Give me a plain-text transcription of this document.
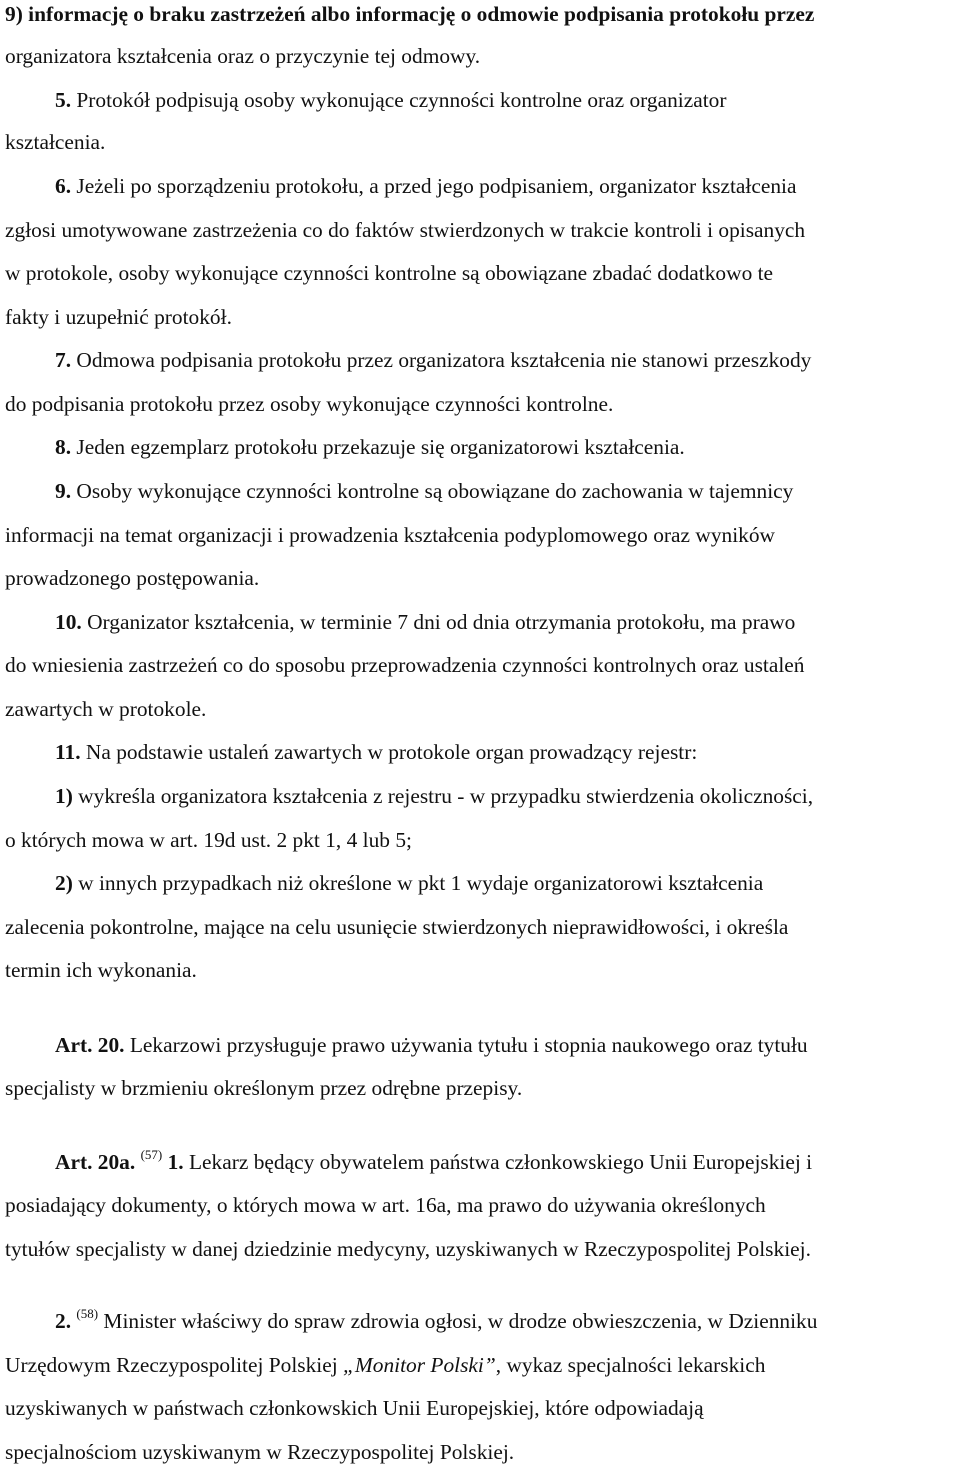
9) informację o braku zastrzeżeń albo informację o odmowie podpisania protokołu przez
organizatora kształcenia oraz o przyczynie tej odmowy.
5. Protokół podpisują osoby wykonujące czynności kontrolne oraz organizator
kształcenia.
6. Jeżeli po sporządzeniu protokołu, a przed jego podpisaniem, organizator kształcenia
zgłosi umotywowane zastrzeżenia co do faktów stwierdzonych w trakcie kontroli i opisanych
w protokole, osoby wykonujące czynności kontrolne są obowiązane zbadać dodatkowo te
fakty i uzupełnić protokół.
7. Odmowa podpisania protokołu przez organizatora kształcenia nie stanowi przeszkody
do podpisania protokołu przez osoby wykonujące czynności kontrolne.
8. Jeden egzemplarz protokołu przekazuje się organizatorowi kształcenia.
9. Osoby wykonujące czynności kontrolne są obowiązane do zachowania w tajemnicy
informacji na temat organizacji i prowadzenia kształcenia podyplomowego oraz wyników
prowadzonego postępowania.
10. Organizator kształcenia, w terminie 7 dni od dnia otrzymania protokołu, ma prawo
do wniesienia zastrzeżeń co do sposobu przeprowadzenia czynności kontrolnych oraz ustaleń
zawartych w protokole.
11. Na podstawie ustaleń zawartych w protokole organ prowadzący rejestr:
1) wykreśla organizatora kształcenia z rejestru - w przypadku stwierdzenia okoliczności,
o których mowa w art. 19d ust. 2 pkt 1, 4 lub 5;
2) w innych przypadkach niż określone w pkt 1 wydaje organizatorowi kształcenia
zalecenia pokontrolne, mające na celu usunięcie stwierdzonych nieprawidłowości, i określa
termin ich wykonania.
Art. 20. Lekarzowi przysługuje prawo używania tytułu i stopnia naukowego oraz tytułu
specjalisty w brzmieniu określonym przez odrębne przepisy.
Art. 20a. $^{(57)}$ 1. Lekarz będący obywatelem państwa członkowskiego Unii Europejskiej i
posiadający dokumenty, o których mowa w art. 16a, ma prawo do używania określonych
tytułów specjalisty w danej dziedzinie medycyny, uzyskiwanych w Rzeczypospolitej Polskiej.
2. $^{(58)}$ Minister właściwy do spraw zdrowia ogłosi, w drodze obwieszczenia, w Dzienniku
Urzędowym Rzeczypospolitej Polskiej „Monitor Polski”, wykaz specjalności lekarskich
uzyskiwanych w państwach członkowskich Unii Europejskiej, które odpowiadają
specjalnościom uzyskiwanym w Rzeczypospolitej Polskiej.
